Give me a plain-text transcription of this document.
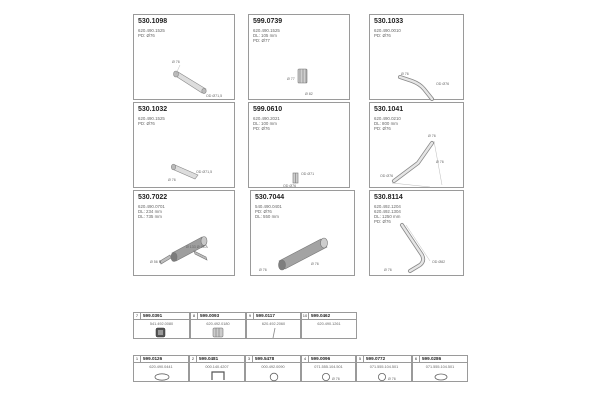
530.1098
620.490.1525
PD: Ø76
Ø 76
OD Ø71,5
599.0739
620.490.1525
DL: 105 mm
PD: Ø77
Ø 77
Ø 82
530.1033
620.490.0010
PD: Ø76
Ø 76
OD Ø76
530.1032
620.490.1525
PD: Ø76
Ø 76
OD Ø71,5
599.0610
620.490.2021
DL: 100 mm
PD: Ø76
OD Ø71
OD Ø76
530.1041
620.490.0210
DL: 800 mm
PD: Ø76
Ø 76
OD Ø76
Ø 76
530.7022
620.490.0701
DL: 234 mm
DL: 735 mm
Ø 133 Ø 98 A
Ø 56 B
530.7044
540.490.0401
PD: Ø76
DL: 550 mm
Ø 76
Ø 76
530.8114
620.492.1204
620.492.1304
DL: 1250 mm
PD: Ø76
Ø 76
OD Ø82
7	599.0391
541.492.0080
8	599.0093
620.492.0180
9	599.0117
620.492.2060
10 599.0462
620.490.1261
1	599.0126
620.490.0441
2	599.0481
000.140.4207
3	599.5478
000.492.0090
4	599.0096
071.555.104.501
Ø 76
5	599.0772
071.555.104.501
Ø 76
6	599.0286
071.555.104.501
